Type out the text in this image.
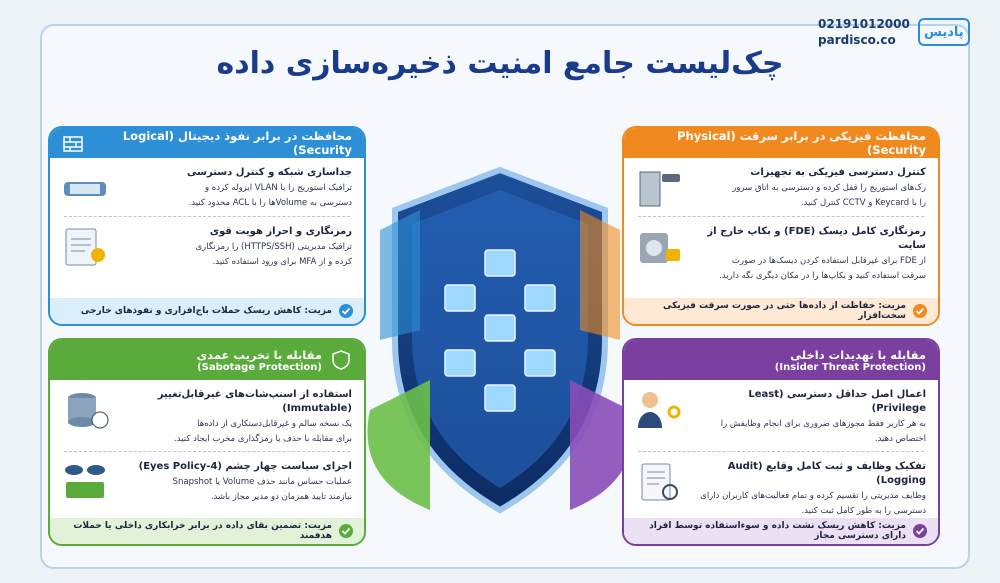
02191012000
pardisco.co
پادیس
چک‌لیست جامع امنیت ذخیره‌سازی داده
محافظت در برابر نفوذ دیجیتال (Logical Security)
جداسازی شبکه و کنترل دسترسی
ترافیک استوریج را با VLAN ایزوله کرده و
دسترسی به Volumeها را با ACL محدود کنید.
رمزنگاری و احراز هویت قوی
ترافیک مدیریتی (HTTPS/SSH) را رمزنگاری
کرده و از MFA برای ورود استفاده کنید.
مزیت: کاهش ریسک حملات باج‌افزاری و نفوذهای خارجی
محافظت فیزیکی در برابر سرقت (Physical Security)
کنترل دسترسی فیزیکی به تجهیزات
رک‌های استوریج را قفل کرده و دسترسی به اتاق سرور
را با Keycard و CCTV کنترل کنید.
رمزنگاری کامل دیسک (FDE) و بکاپ خارج از سایت
از FDE برای غیرقابل استفاده کردن دیسک‌ها در صورت
سرقت استفاده کنید و بکاپ‌ها را در مکان دیگری نگه دارید.
مزیت: حفاظت از داده‌ها حتی در صورت سرقت فیزیکی سخت‌افزار
مقابله با تخریب عمدی
(Sabotage Protection)
استفاده از اسنپ‌شات‌های غیرقابل‌تغییر
(Immutable)
یک نسخه سالم و غیرقابل‌دستکاری از داده‌ها
برای مقابله با حذف یا رمزگذاری مخرب ایجاد کنید.
اجرای سیاست چهار چشم (4-Eyes Policy)
عملیات حساس مانند حذف Volume یا Snapshot
نیازمند تایید همزمان دو مدیر مجاز باشد.
مزیت: تضمین بقای داده در برابر خرابکاری داخلی یا حملات هدفمند
مقابله با تهدیدات داخلی
(Insider Threat Protection)
اعمال اصل حداقل دسترسی (Least Privilege)
به هر کاربر فقط مجوزهای ضروری برای انجام وظایفش را
اختصاص دهید.
تفکیک وظایف و ثبت کامل وقایع (Audit Logging)
وظایف مدیریتی را تقسیم کرده و تمام فعالیت‌های کاربران دارای
دسترسی را به طور کامل ثبت کنید.
مزیت: کاهش ریسک نشت داده و سوءاستفاده توسط افراد دارای دسترسی مجاز
